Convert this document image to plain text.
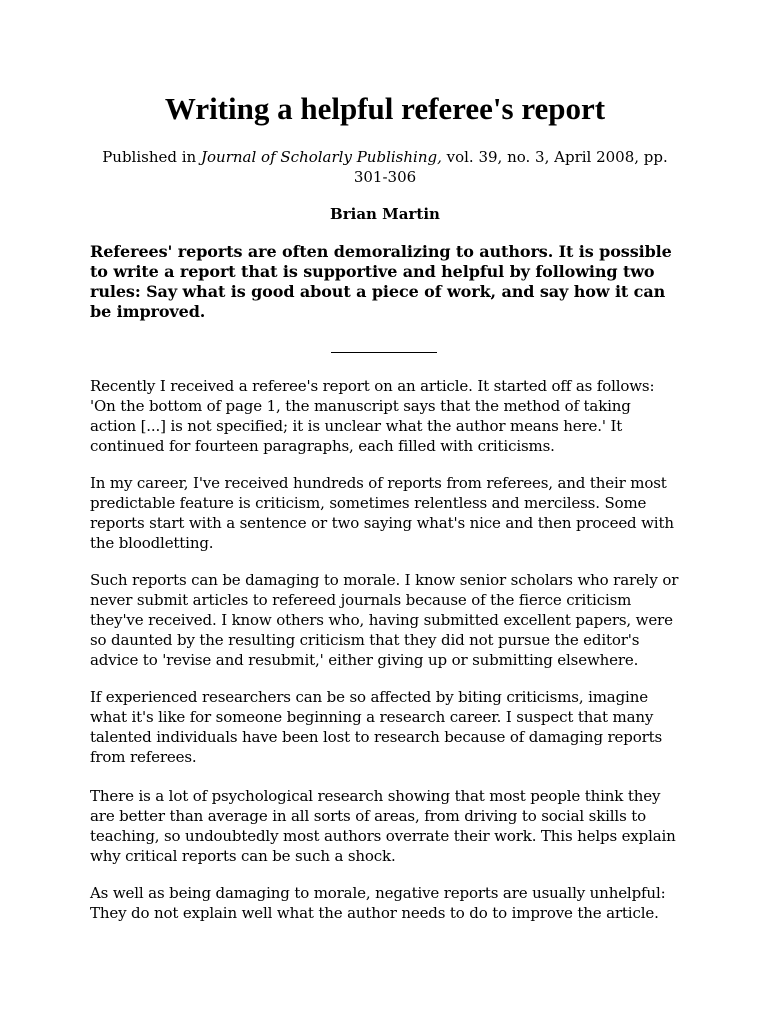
Writing a helpful referee's report

Published in Journal of Scholarly Publishing, vol. 39, no. 3, April 2008, pp. 301-306

Brian Martin

Referees' reports are often demoralizing to authors. It is possible to write a report that is supportive and helpful by following two rules: Say what is good about a piece of work, and say how it can be improved.

Recently I received a referee's report on an article. It started off as follows: 'On the bottom of page 1, the manuscript says that the method of taking action [...] is not specified; it is unclear what the author means here.' It continued for fourteen paragraphs, each filled with criticisms.

In my career, I've received hundreds of reports from referees, and their most predictable feature is criticism, sometimes relentless and merciless. Some reports start with a sentence or two saying what's nice and then proceed with the bloodletting.

Such reports can be damaging to morale. I know senior scholars who rarely or never submit articles to refereed journals because of the fierce criticism they've received. I know others who, having submitted excellent papers, were so daunted by the resulting criticism that they did not pursue the editor's advice to 'revise and resubmit,' either giving up or submitting elsewhere.

If experienced researchers can be so affected by biting criticisms, imagine what it's like for someone beginning a research career. I suspect that many talented individuals have been lost to research because of damaging reports from referees.

There is a lot of psychological research showing that most people think they are better than average in all sorts of areas, from driving to social skills to teaching, so undoubtedly most authors overrate their work. This helps explain why critical reports can be such a shock.

As well as being damaging to morale, negative reports are usually unhelpful: They do not explain well what the author needs to do to improve the article.
